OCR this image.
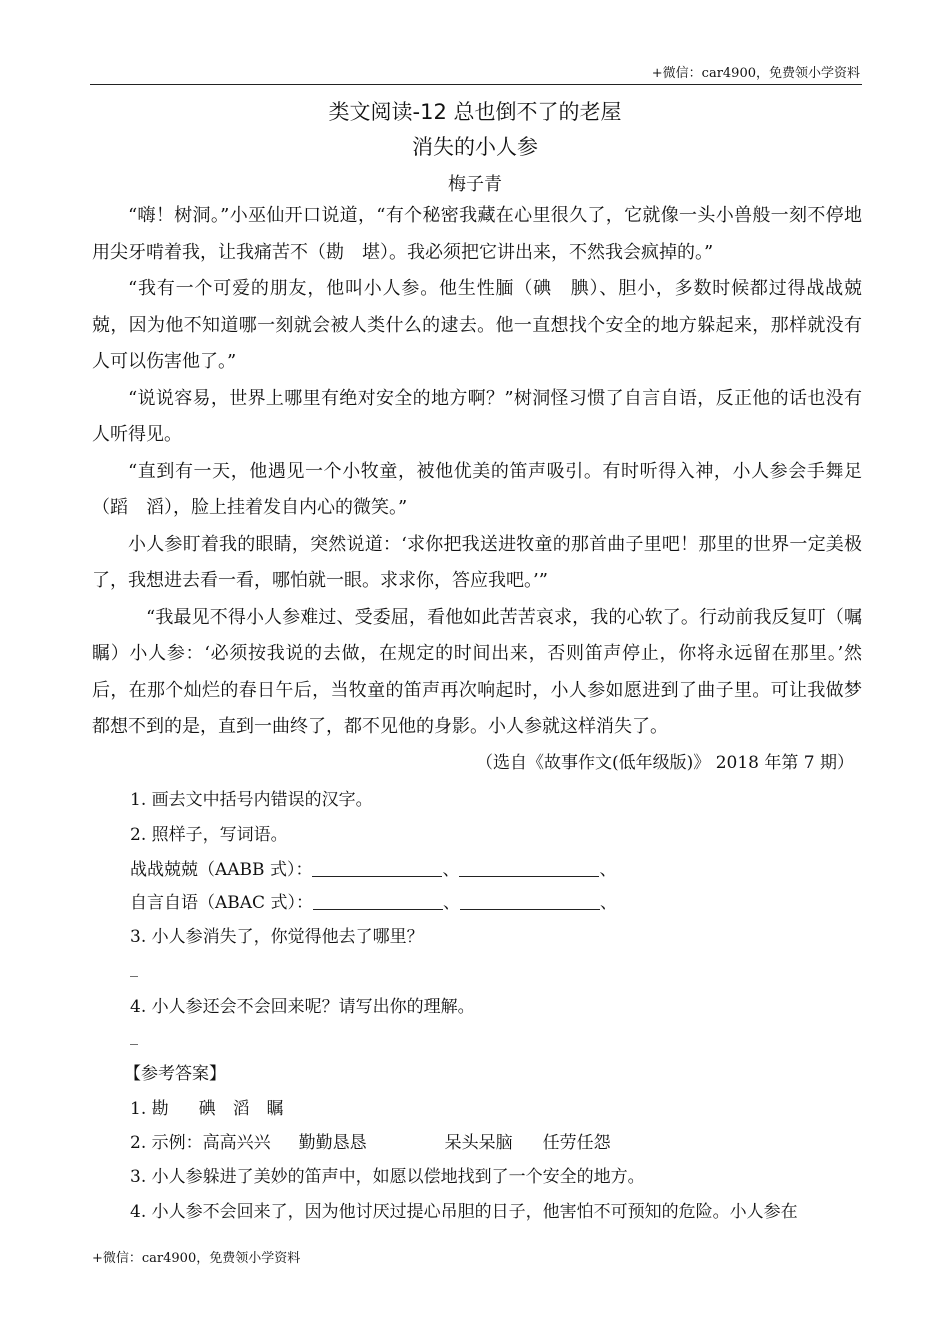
+微信：car4900，免费领小学资料
类文阅读-12 总也倒不了的老屋
消失的小人参
梅子青

“嗨！树洞。”小巫仙开口说道，“有个秘密我藏在心里很久了，它就像一头小兽般一刻不停地用尖牙啃着我，让我痛苦不（勘　堪）。我必须把它讲出来，不然我会疯掉的。”

“我有一个可爱的朋友，他叫小人参。他生性腼（碘　腆）、胆小，多数时候都过得战战兢兢，因为他不知道哪一刻就会被人类什么的逮去。他一直想找个安全的地方躲起来，那样就没有人可以伤害他了。”

“说说容易，世界上哪里有绝对安全的地方啊？”树洞怪习惯了自言自语，反正他的话也没有人听得见。

“直到有一天，他遇见一个小牧童，被他优美的笛声吸引。有时听得入神，小人参会手舞足（蹈　滔），脸上挂着发自内心的微笑。”

小人参盯着我的眼睛，突然说道：‘求你把我送进牧童的那首曲子里吧！那里的世界一定美极了，我想进去看一看，哪怕就一眼。求求你，答应我吧。’”

“我最见不得小人参难过、受委屈，看他如此苦苦哀求，我的心软了。行动前我反复叮（嘱　瞩）小人参：‘必须按我说的去做，在规定的时间出来，否则笛声停止，你将永远留在那里。’然后，在那个灿烂的春日午后，当牧童的笛声再次响起时，小人参如愿进到了曲子里。可让我做梦都想不到的是，直到一曲终了，都不见他的身影。小人参就这样消失了。

（选自《故事作文(低年级版)》 2018 年第 7 期）
1. 画去文中括号内错误的汉字。
2. 照样子，写词语。
战战兢兢（AABB 式）：	、	、
自言自语（ABAC 式）：	、	、
3. 小人参消失了，你觉得他去了哪里？
_
4. 小人参还会不会回来呢？请写出你的理解。
_
【参考答案】
1. 勘 碘　滔　瞩
2. 示例：高高兴兴 勤勤恳恳	呆头呆脑 任劳任怨
3. 小人参躲进了美妙的笛声中，如愿以偿地找到了一个安全的地方。
4. 小人参不会回来了，因为他讨厌过提心吊胆的日子，他害怕不可预知的危险。小人参在
+微信：car4900，免费领小学资料
